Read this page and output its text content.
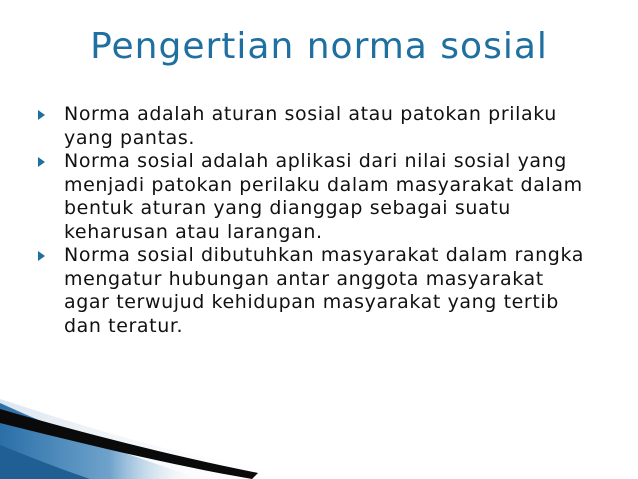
Pengertian norma sosial
Norma adalah aturan sosial atau patokan prilaku yang pantas.
Norma sosial adalah aplikasi dari nilai sosial yang menjadi patokan perilaku dalam masyarakat dalam bentuk aturan yang dianggap sebagai suatu keharusan atau larangan.
Norma sosial dibutuhkan masyarakat dalam rangka mengatur hubungan antar anggota masyarakat agar terwujud kehidupan masyarakat yang tertib dan teratur.
